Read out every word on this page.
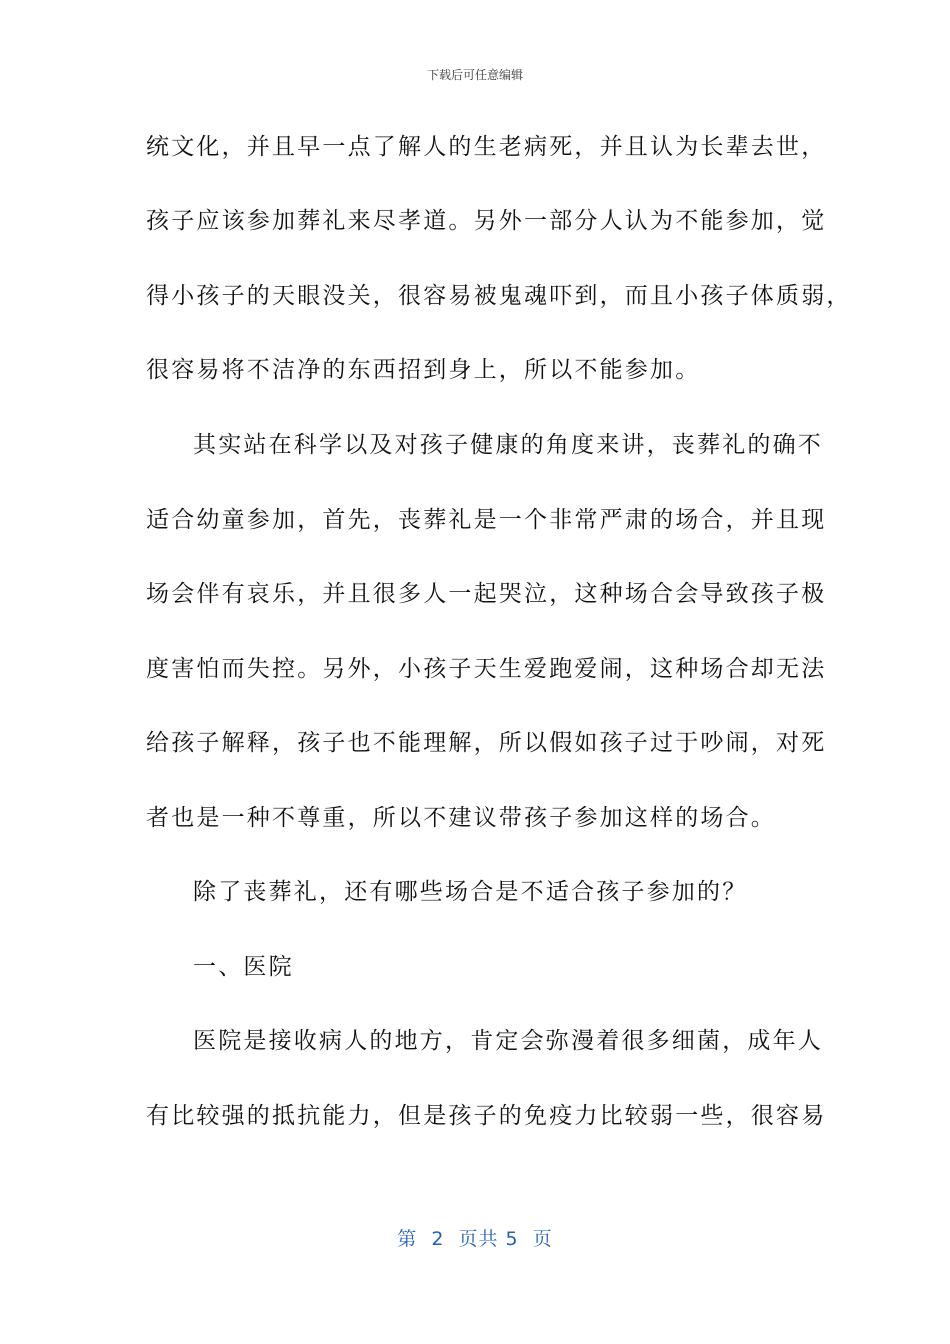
下载后可任意编辑
统文化，并且早一点了解人的生老病死，并且认为长辈去世，
孩子应该参加葬礼来尽孝道。另外一部分人认为不能参加，觉
得小孩子的天眼没关，很容易被鬼魂吓到，而且小孩子体质弱，
很容易将不洁净的东西招到身上，所以不能参加。
其实站在科学以及对孩子健康的角度来讲，丧葬礼的确不
适合幼童参加，首先，丧葬礼是一个非常严肃的场合，并且现
场会伴有哀乐，并且很多人一起哭泣，这种场合会导致孩子极
度害怕而失控。另外，小孩子天生爱跑爱闹，这种场合却无法
给孩子解释，孩子也不能理解，所以假如孩子过于吵闹，对死
者也是一种不尊重，所以不建议带孩子参加这样的场合。
除了丧葬礼，还有哪些场合是不适合孩子参加的？
一、医院
医院是接收病人的地方，肯定会弥漫着很多细菌，成年人
有比较强的抵抗能力，但是孩子的免疫力比较弱一些，很容易
第  2  页共 5  页
